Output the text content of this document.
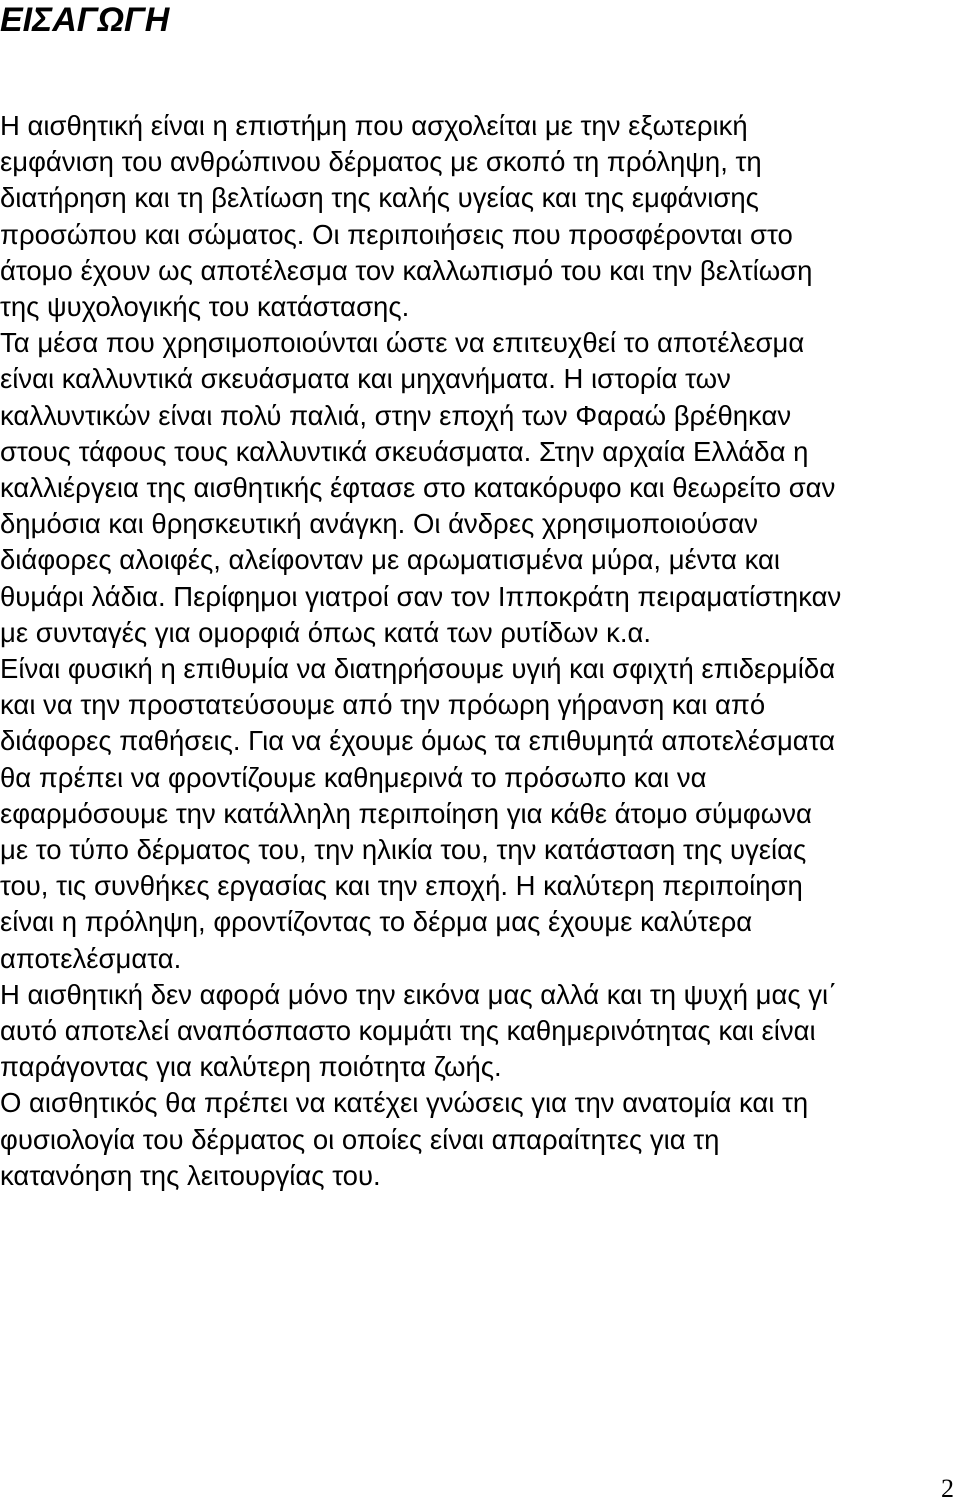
ΕΙΣΑΓΩΓΗ
Η αισθητική είναι η επιστήμη που ασχολείται με την εξωτερική
εμφάνιση του ανθρώπινου δέρματος με σκοπό τη πρόληψη, τη
διατήρηση και τη βελτίωση της καλής υγείας και της εμφάνισης
προσώπου και σώματος. Οι περιποιήσεις που προσφέρονται στο
άτομο έχουν ως αποτέλεσμα τον καλλωπισμό του και την βελτίωση
της ψυχολογικής του κατάστασης.
Τα μέσα που χρησιμοποιούνται ώστε να επιτευχθεί το αποτέλεσμα
είναι καλλυντικά σκευάσματα και μηχανήματα. Η ιστορία των
καλλυντικών είναι πολύ παλιά, στην εποχή των Φαραώ βρέθηκαν
στους τάφους τους καλλυντικά σκευάσματα. Στην αρχαία Ελλάδα η
καλλιέργεια της αισθητικής έφτασε στο κατακόρυφο και θεωρείτο σαν
δημόσια και θρησκευτική ανάγκη. Οι άνδρες χρησιμοποιούσαν
διάφορες αλοιφές, αλείφονταν με αρωματισμένα μύρα, μέντα και
θυμάρι λάδια. Περίφημοι γιατροί σαν τον Ιπποκράτη πειραματίστηκαν
με συνταγές για ομορφιά όπως κατά των ρυτίδων κ.α.
Είναι φυσική η επιθυμία να διατηρήσουμε υγιή και σφιχτή επιδερμίδα
και να την προστατεύσουμε από την πρόωρη γήρανση και από
διάφορες παθήσεις. Για να έχουμε όμως τα επιθυμητά αποτελέσματα
θα πρέπει να φροντίζουμε καθημερινά το πρόσωπο και να
εφαρμόσουμε την κατάλληλη περιποίηση για κάθε άτομο σύμφωνα
με το τύπο δέρματος του, την ηλικία του, την κατάσταση της υγείας
του, τις συνθήκες εργασίας και την εποχή. Η καλύτερη περιποίηση
είναι η πρόληψη, φροντίζοντας το δέρμα μας έχουμε καλύτερα
αποτελέσματα.
Η αισθητική δεν αφορά μόνο την εικόνα μας αλλά και τη ψυχή μας γι΄
αυτό αποτελεί αναπόσπαστο κομμάτι της καθημερινότητας και είναι
παράγοντας για καλύτερη ποιότητα ζωής.
Ο αισθητικός θα πρέπει να κατέχει γνώσεις για την ανατομία και τη
φυσιολογία του δέρματος οι οποίες είναι απαραίτητες για τη
κατανόηση της λειτουργίας του.
2
